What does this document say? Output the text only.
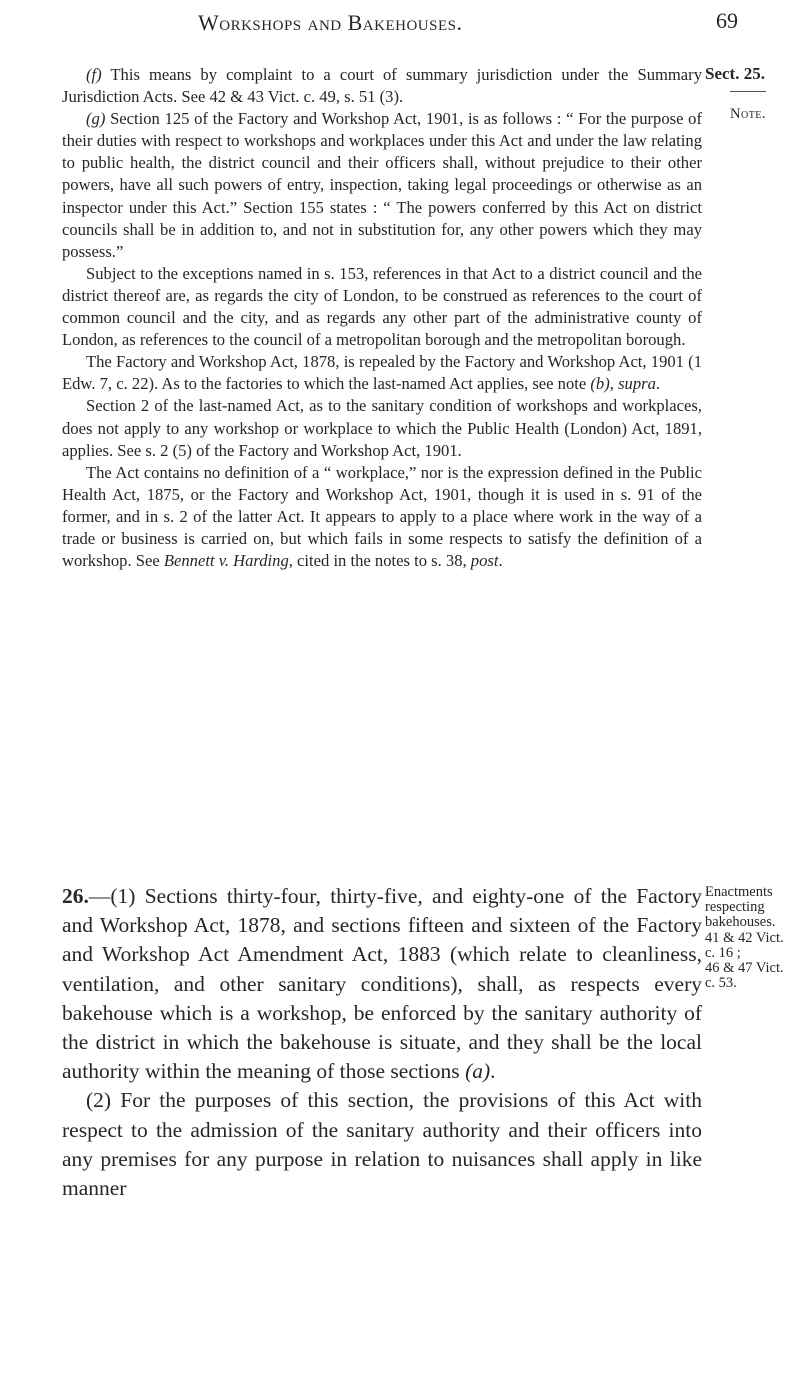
Workshops and Bakehouses.	69
Sect. 25.
Note.

(f) This means by complaint to a court of summary jurisdiction under the Summary Jurisdiction Acts. See 42 & 43 Vict. c. 49, s. 51 (3).

(g) Section 125 of the Factory and Workshop Act, 1901, is as follows : “ For the purpose of their duties with respect to workshops and workplaces under this Act and under the law relating to public health, the district council and their officers shall, without prejudice to their other powers, have all such powers of entry, inspection, taking legal proceedings or otherwise as an inspector under this Act.” Section 155 states : “ The powers conferred by this Act on district councils shall be in addition to, and not in substitution for, any other powers which they may possess.”

Subject to the exceptions named in s. 153, references in that Act to a district council and the district thereof are, as regards the city of London, to be construed as references to the court of common council and the city, and as regards any other part of the administrative county of London, as references to the council of a metropolitan borough and the metropolitan borough.

The Factory and Workshop Act, 1878, is repealed by the Factory and Workshop Act, 1901 (1 Edw. 7, c. 22). As to the factories to which the last-named Act applies, see note (b), supra.

Section 2 of the last-named Act, as to the sanitary condition of workshops and workplaces, does not apply to any workshop or workplace to which the Public Health (London) Act, 1891, applies. See s. 2 (5) of the Factory and Workshop Act, 1901.

The Act contains no definition of a “ workplace,” nor is the expression defined in the Public Health Act, 1875, or the Factory and Workshop Act, 1901, though it is used in s. 91 of the former, and in s. 2 of the latter Act. It appears to apply to a place where work in the way of a trade or business is carried on, but which fails in some respects to satisfy the definition of a workshop. See Bennett v. Harding, cited in the notes to s. 38, post.

26.—(1) Sections thirty-four, thirty-five, and eighty-one of the Factory and Workshop Act, 1878, and sections fifteen and sixteen of the Factory and Workshop Act Amendment Act, 1883 (which relate to cleanliness, ventilation, and other sanitary conditions), shall, as respects every bakehouse which is a workshop, be enforced by the sanitary authority of the district in which the bakehouse is situate, and they shall be the local authority within the meaning of those sections (a).

(2) For the purposes of this section, the provisions of this Act with respect to the admission of the sanitary authority and their officers into any premises for any purpose in relation to nuisances shall apply in like manner

Enactments
respecting
bakehouses.
41 & 42 Vict.
c. 16 ;
46 & 47 Vict.
c. 53.
